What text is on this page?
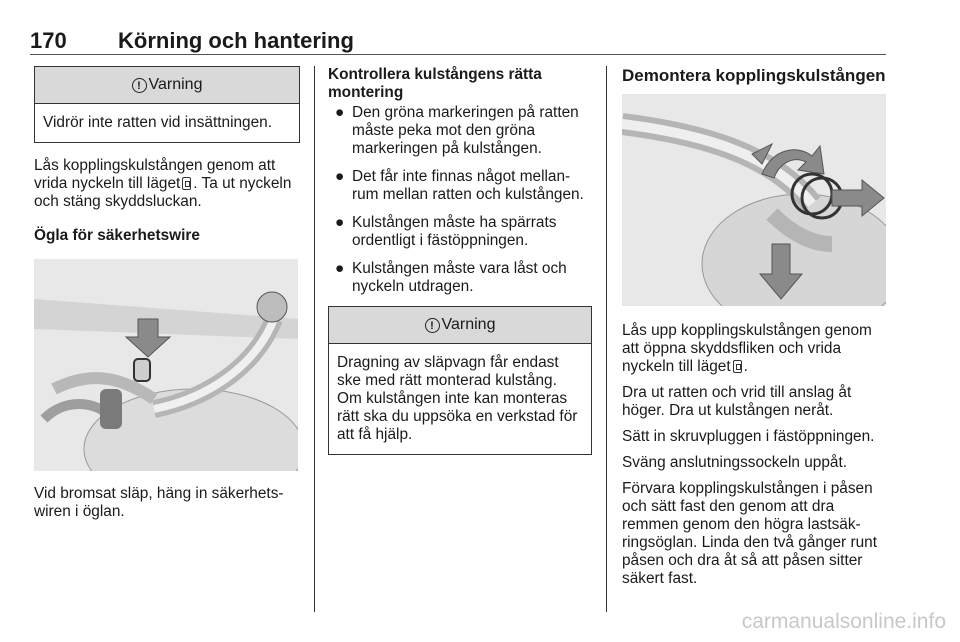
170 Körning och hantering
! Varning
Vidrör inte ratten vid insättningen.

Lås kopplingskulstången genom att vrida nyckeln till läget . Ta ut nyckeln och stäng skyddsluckan.

Ögla för säkerhetswire

Vid bromsat släp, häng in säkerhets-wiren i öglan.

Kontrollera kulstångens rätta montering
● Den gröna markeringen på ratten måste peka mot den gröna markeringen på kulstången.
● Det får inte finnas något mellan-rum mellan ratten och kulstången.
● Kulstången måste ha spärrats ordentligt i fästöppningen.
● Kulstången måste vara låst och nyckeln utdragen.
! Varning
Dragning av släpvagn får endast ske med rätt monterad kulstång. Om kulstången inte kan monteras rätt ska du uppsöka en verkstad för att få hjälp.
Demontera kopplingskulstången

Lås upp kopplingskulstången genom att öppna skyddsfliken och vrida nyckeln till läget .

Dra ut ratten och vrid till anslag åt höger. Dra ut kulstången neråt.

Sätt in skruvpluggen i fästöppningen.

Sväng anslutningssockeln uppåt.

Förvara kopplingskulstången i påsen och sätt fast den genom att dra remmen genom den högra lastsäk-ringsöglan. Linda den två gånger runt påsen och dra åt så att påsen sitter säkert fast.

carmanualsonline.info
